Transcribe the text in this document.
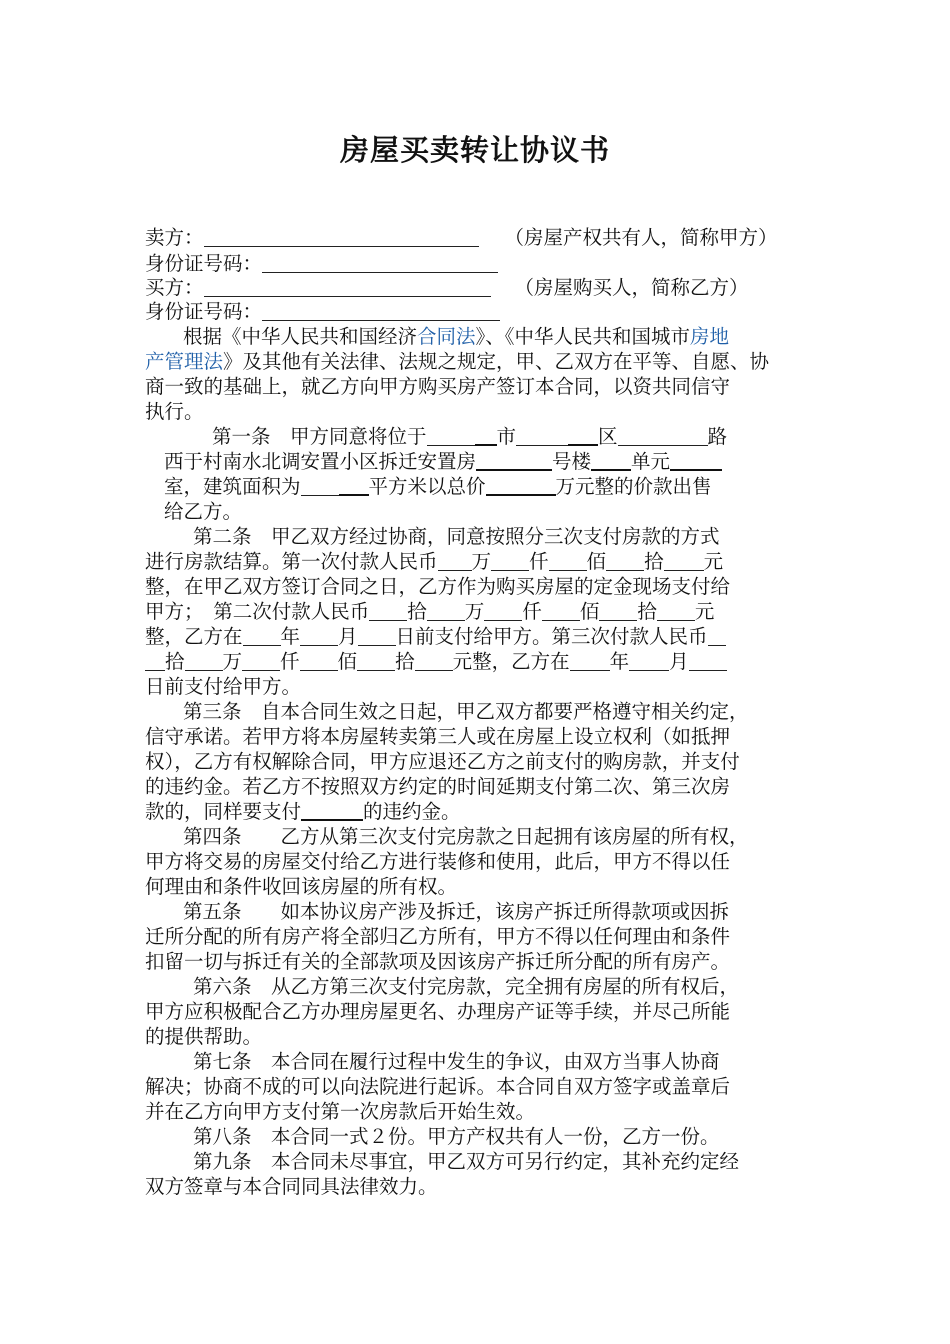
房屋买卖转让协议书
卖方：	（房屋产权共有人，简称甲方）
身份证号码：
买方：	（房屋购买人，简称乙方）
身份证号码：
根据《中华人民共和国经济合同法》、《中华人民共和国城市房地
产管理法》及其他有关法律、法规之规定，甲、乙双方在平等、自愿、协
商一致的基础上，就乙方向甲方购买房产签订本合同，以资共同信守
执行。
第一条　甲方同意将位于	市	区	路
西于村南水北调安置小区拆迁安置房	号楼 单元
室，建筑面积为	平方米以总价	万元整的价款出售
给乙方。
第二条　甲乙双方经过协商，同意按照分三次支付房款的方式
进行房款结算。第一次付款人民币 万 仟 佰 拾 元
整，在甲乙双方签订合同之日，乙方作为购买房屋的定金现场支付给
甲方；　第二次付款人民币 拾 万 仟 佰 拾 元
整，乙方在 年 月 日前支付给甲方。第三次付款人民币
拾 万 仟 佰 拾 元整，乙方在 年 月
日前支付给甲方。
第三条　自本合同生效之日起，甲乙双方都要严格遵守相关约定，
信守承诺。若甲方将本房屋转卖第三人或在房屋上设立权利（如抵押
权），乙方有权解除合同，甲方应退还乙方之前支付的购房款，并支付
的违约金。若乙方不按照双方约定的时间延期支付第二次、第三次房
款的，同样要支付	的违约金。
第四条　　乙方从第三次支付完房款之日起拥有该房屋的所有权，
甲方将交易的房屋交付给乙方进行装修和使用，此后，甲方不得以任
何理由和条件收回该房屋的所有权。
第五条　　如本协议房产涉及拆迁，该房产拆迁所得款项或因拆
迁所分配的所有房产将全部归乙方所有，甲方不得以任何理由和条件
扣留一切与拆迁有关的全部款项及因该房产拆迁所分配的所有房产。
第六条　从乙方第三次支付完房款，完全拥有房屋的所有权后，
甲方应积极配合乙方办理房屋更名、办理房产证等手续，并尽己所能
的提供帮助。
第七条　本合同在履行过程中发生的争议，由双方当事人协商
解决；协商不成的可以向法院进行起诉。本合同自双方签字或盖章后
并在乙方向甲方支付第一次房款后开始生效。
第八条　本合同一式２份。甲方产权共有人一份，乙方一份。
第九条　本合同未尽事宜，甲乙双方可另行约定，其补充约定经
双方签章与本合同同具法律效力。
